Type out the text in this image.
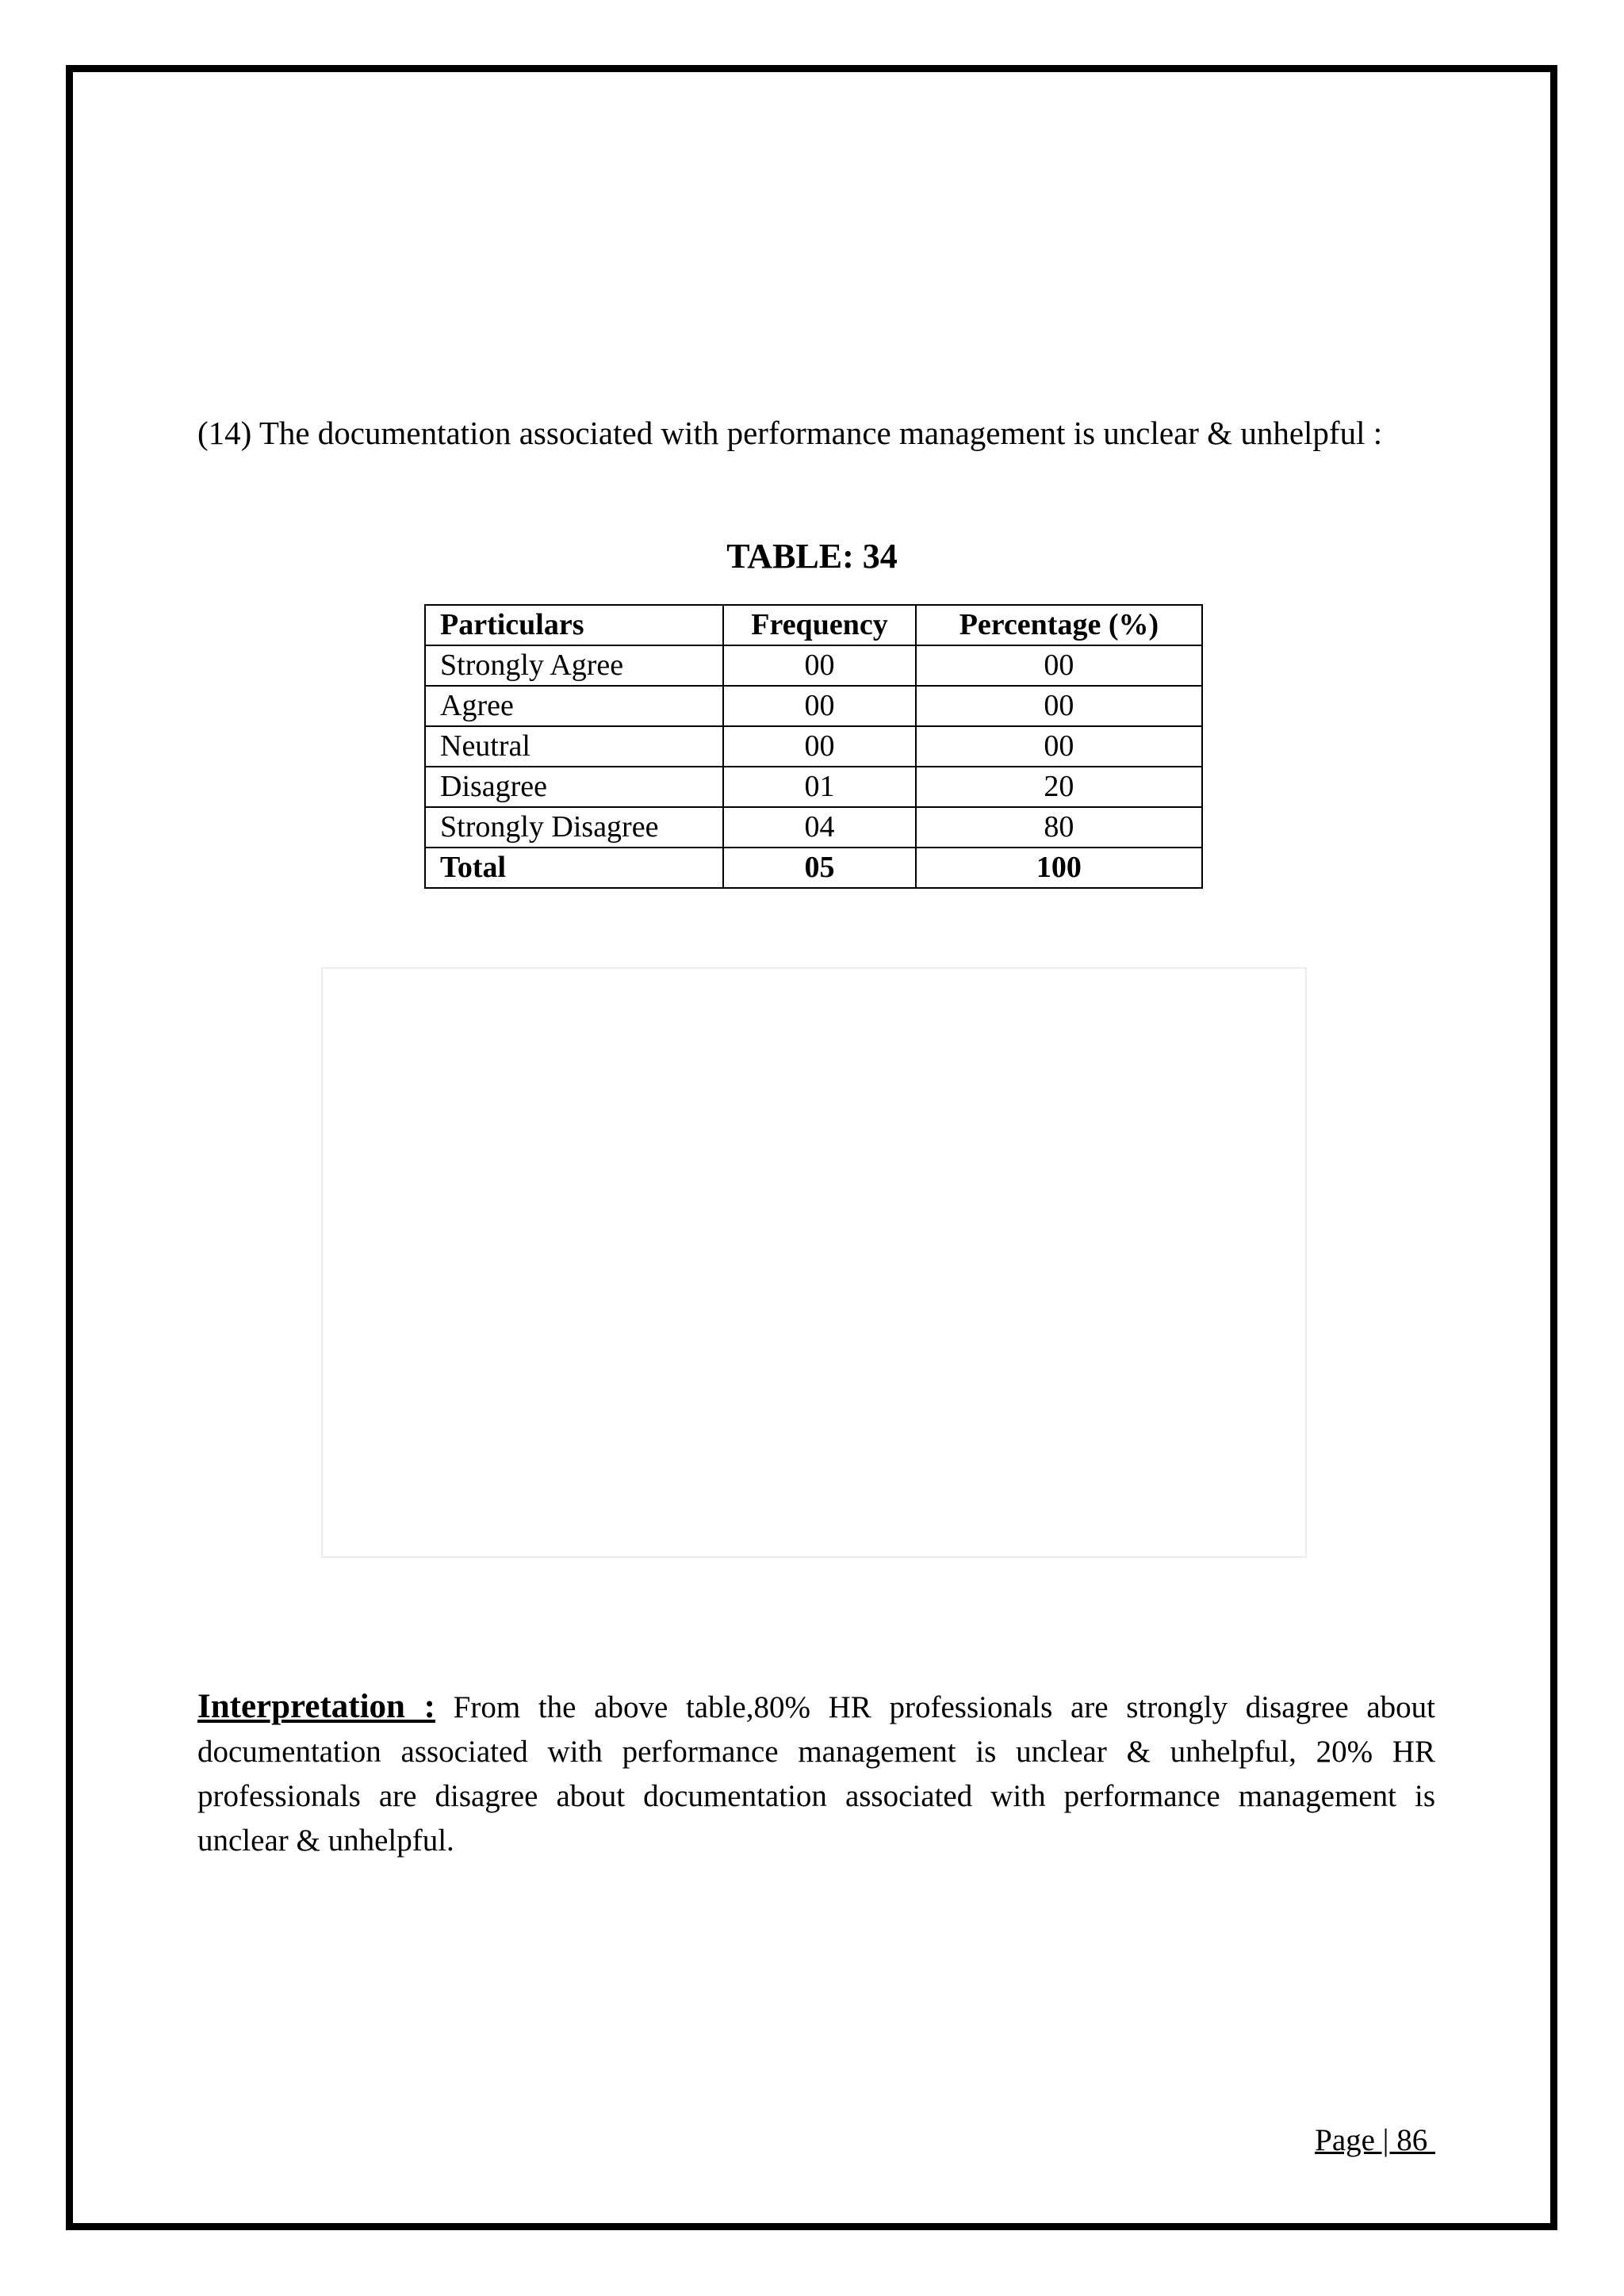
(14) The documentation associated with performance management is unclear & unhelpful :
TABLE: 34
Particulars	Frequency	Percentage (%)
Strongly Agree	00	00
Agree	00	00
Neutral	00	00
Disagree	01	20
Strongly Disagree	04	80
Total	05	100
Interpretation : From the above table,80% HR professionals are strongly disagree about documentation associated with performance management is unclear & unhelpful, 20% HR professionals are disagree about documentation associated with performance management is unclear & unhelpful.
Page | 86
